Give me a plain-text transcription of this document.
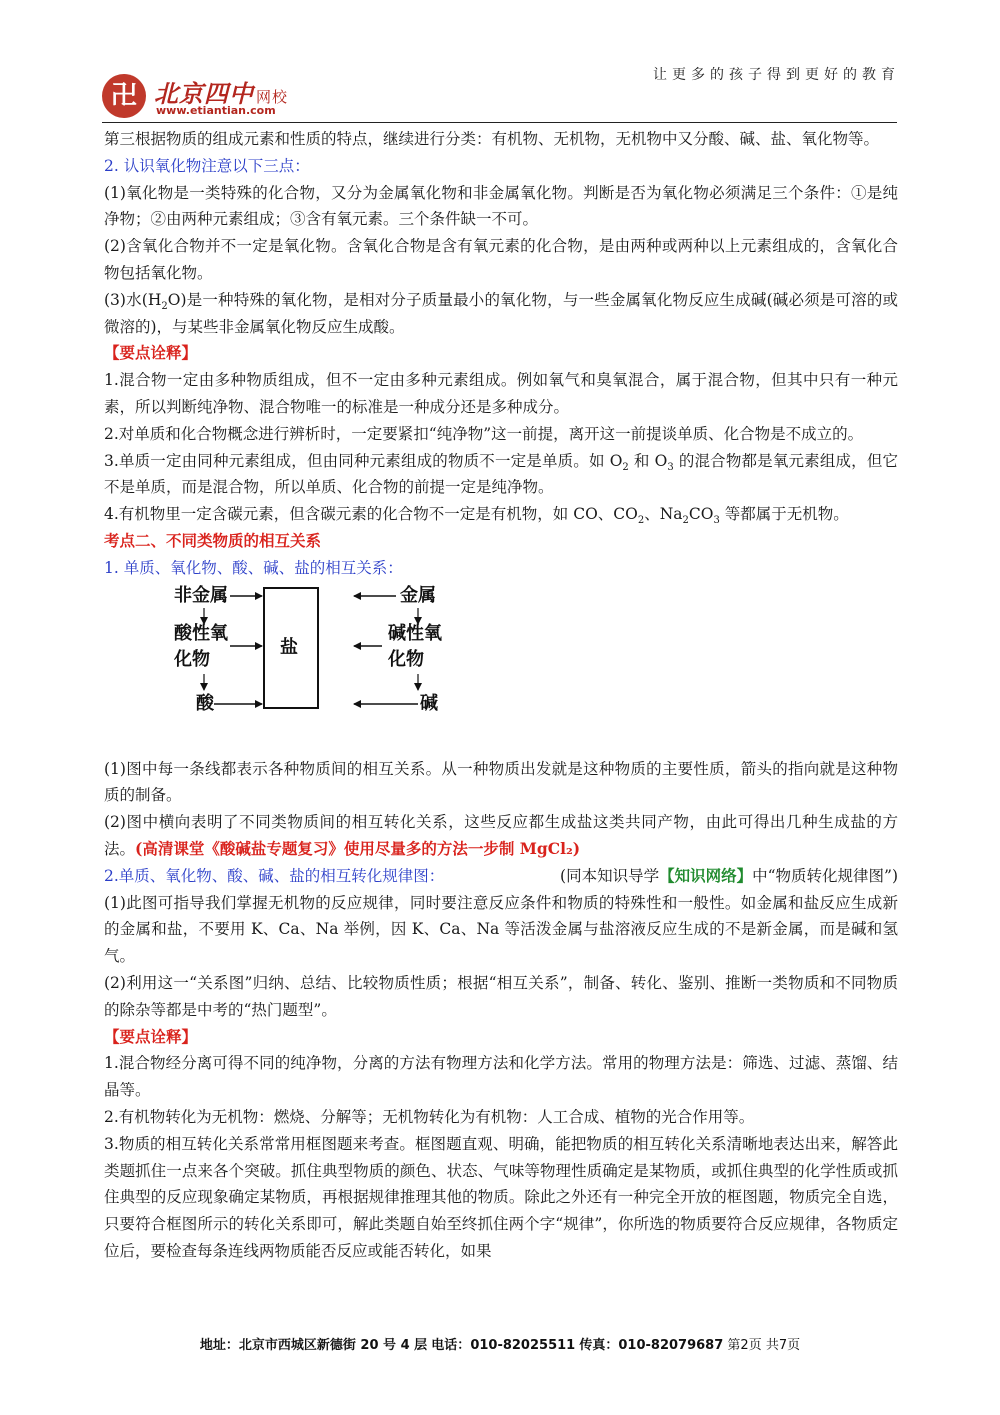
让更多的孩子得到更好的教育
卍 北京四中 网校
www.etiantian.com

第三根据物质的组成元素和性质的特点，继续进行分类：有机物、无机物，无机物中又分酸、碱、盐、氧化物等。

2. 认识氧化物注意以下三点：

(1)氧化物是一类特殊的化合物，又分为金属氧化物和非金属氧化物。判断是否为氧化物必须满足三个条件：①是纯净物；②由两种元素组成；③含有氧元素。三个条件缺一不可。

(2)含氧化合物并不一定是氧化物。含氧化合物是含有氧元素的化合物，是由两种或两种以上元素组成的，含氧化合物包括氧化物。

(3)水$(H_2O)$是一种特殊的氧化物，是相对分子质量最小的氧化物，与一些金属氧化物反应生成碱(碱必须是可溶的或微溶的)，与某些非金属氧化物反应生成酸。

【要点诠释】

1.混合物一定由多种物质组成，但不一定由多种元素组成。例如氧气和臭氧混合，属于混合物，但其中只有一种元素，所以判断纯净物、混合物唯一的标准是一种成分还是多种成分。

2.对单质和化合物概念进行辨析时，一定要紧扣“纯净物”这一前提，离开这一前提谈单质、化合物是不成立的。

3.单质一定由同种元素组成，但由同种元素组成的物质不一定是单质。如 $O_2$ 和 $O_3$ 的混合物都是氧元素组成，但它不是单质，而是混合物，所以单质、化合物的前提一定是纯净物。

4.有机物里一定含碳元素，但含碳元素的化合物不一定是有机物，如 CO、$CO_2$、$Na_2CO_3$ 等都属于无机物。

考点二、不同类物质的相互关系

1. 单质、氧化物、酸、碱、盐的相互关系：

非金属
酸性氧
化物
酸
盐
金属
碱性氧
化物
碱

(1)图中每一条线都表示各种物质间的相互关系。从一种物质出发就是这种物质的主要性质，箭头的指向就是这种物质的制备。

(2)图中横向表明了不同类物质间的相互转化关系，这些反应都生成盐这类共同产物，由此可得出几种生成盐的方法。(高清课堂《酸碱盐专题复习》使用尽量多的方法一步制 MgCl₂)

2.单质、氧化物、酸、碱、盐的相互转化规律图：	(同本知识导学【知识网络】中“物质转化规律图”)

(1)此图可指导我们掌握无机物的反应规律，同时要注意反应条件和物质的特殊性和一般性。如金属和盐反应生成新的金属和盐，不要用 K、Ca、Na 举例，因 K、Ca、Na 等活泼金属与盐溶液反应生成的不是新金属，而是碱和氢气。

(2)利用这一“关系图”归纳、总结、比较物质性质；根据“相互关系”，制备、转化、鉴别、推断一类物质和不同物质的除杂等都是中考的“热门题型”。

【要点诠释】

1.混合物经分离可得不同的纯净物，分离的方法有物理方法和化学方法。常用的物理方法是：筛选、过滤、蒸馏、结晶等。

2.有机物转化为无机物：燃烧、分解等；无机物转化为有机物：人工合成、植物的光合作用等。

3.物质的相互转化关系常常用框图题来考查。框图题直观、明确，能把物质的相互转化关系清晰地表达出来，解答此类题抓住一点来各个突破。抓住典型物质的颜色、状态、气味等物理性质确定是某物质，或抓住典型的化学性质或抓住典型的反应现象确定某物质，再根据规律推理其他的物质。除此之外还有一种完全开放的框图题，物质完全自选，只要符合框图所示的转化关系即可，解此类题自始至终抓住两个字“规律”，你所选的物质要符合反应规律，各物质定位后，要检查每条连线两物质能否反应或能否转化，如果

地址：北京市西城区新德街 20 号 4 层 电话：010-82025511 传真：010-82079687 第2页 共7页
